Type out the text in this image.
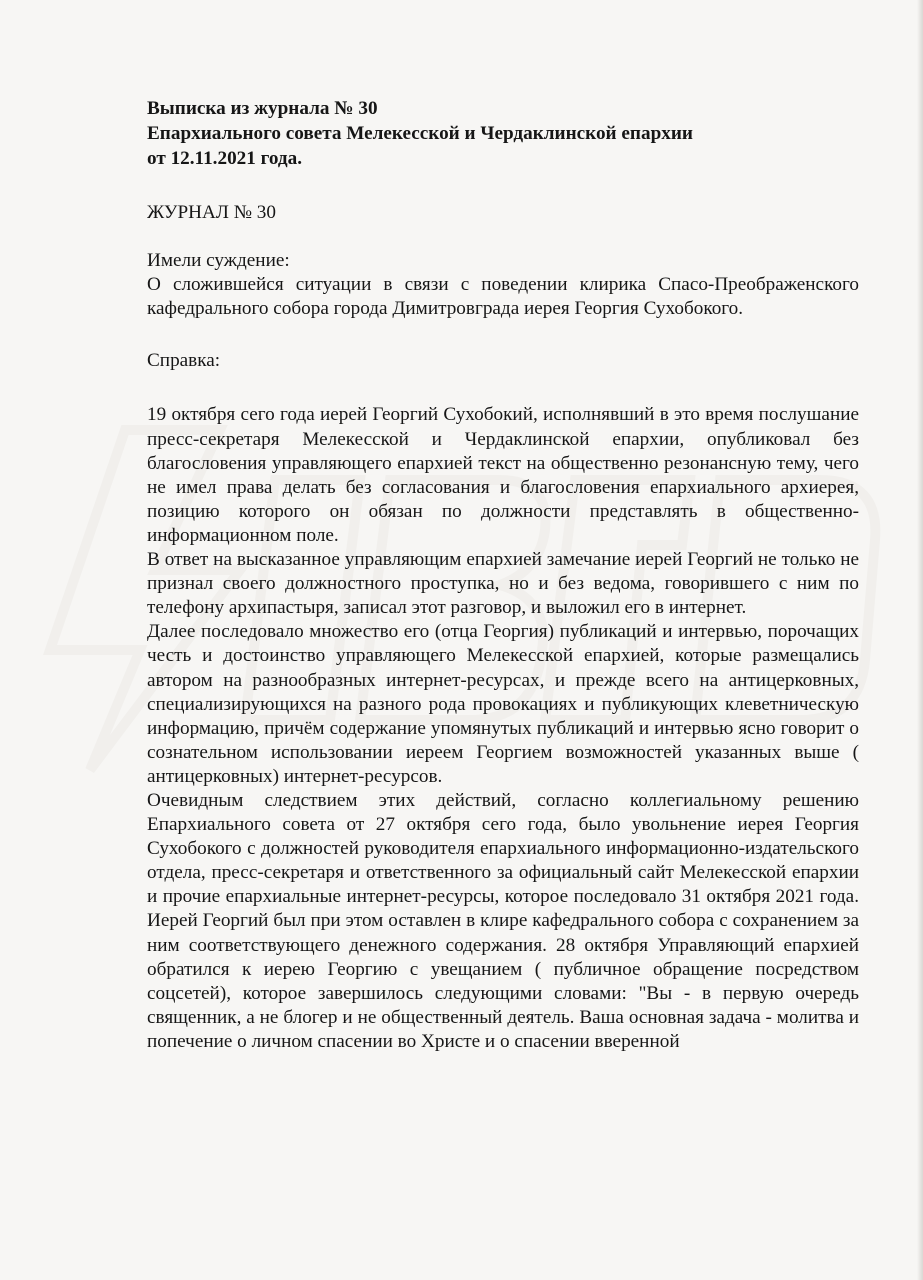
Выписка из журнала № 30
Епархиального совета Мелекесской и Чердаклинской епархии
от 12.11.2021 года.

ЖУРНАЛ № 30

Имели суждение:

О сложившейся ситуации в связи с поведении клирика Спасо-Преображенского кафедрального собора города Димитровграда иерея Георгия Сухобокого.

Справка:

19 октября сего года иерей Георгий Сухобокий, исполнявший в это время послушание пресс-секретаря Мелекесской и Чердаклинской епархии, опубликовал без благословения управляющего епархией текст на общественно резонансную тему, чего не имел права делать без согласования и благословения епархиального архиерея, позицию которого он обязан по должности представлять в общественно-информационном поле.

В ответ на высказанное управляющим епархией замечание иерей Георгий не только не признал своего должностного проступка, но и без ведома, говорившего с ним по телефону архипастыря, записал этот разговор, и выложил его в интернет.

Далее последовало множество его (отца Георгия) публикаций и интервью, порочащих честь и достоинство управляющего Мелекесской епархией, которые размещались автором на разнообразных интернет-ресурсах, и прежде всего на антицерковных, специализирующихся на разного рода провокациях и публикующих клеветническую информацию, причём содержание упомянутых публикаций и интервью ясно говорит о сознательном использовании иереем Георгием возможностей указанных выше ( антицерковных) интернет-ресурсов.

Очевидным следствием этих действий, согласно коллегиальному решению Епархиального совета от 27 октября сего года, было увольнение иерея Георгия Сухобокого с должностей руководителя епархиального информационно-издательского отдела, пресс-секретаря и ответственного за официальный сайт Мелекесской епархии и прочие епархиальные интернет-ресурсы, которое последовало 31 октября 2021 года. Иерей Георгий был при этом оставлен в клире кафедрального собора с сохранением за ним соответствующего денежного содержания. 28 октября Управляющий епархией обратился к иерею Георгию с увещанием ( публичное обращение посредством соцсетей), которое завершилось следующими словами: "Вы - в первую очередь священник, а не блогер и не общественный деятель. Ваша основная задача - молитва и попечение о личном спасении во Христе и о спасении вверенной
